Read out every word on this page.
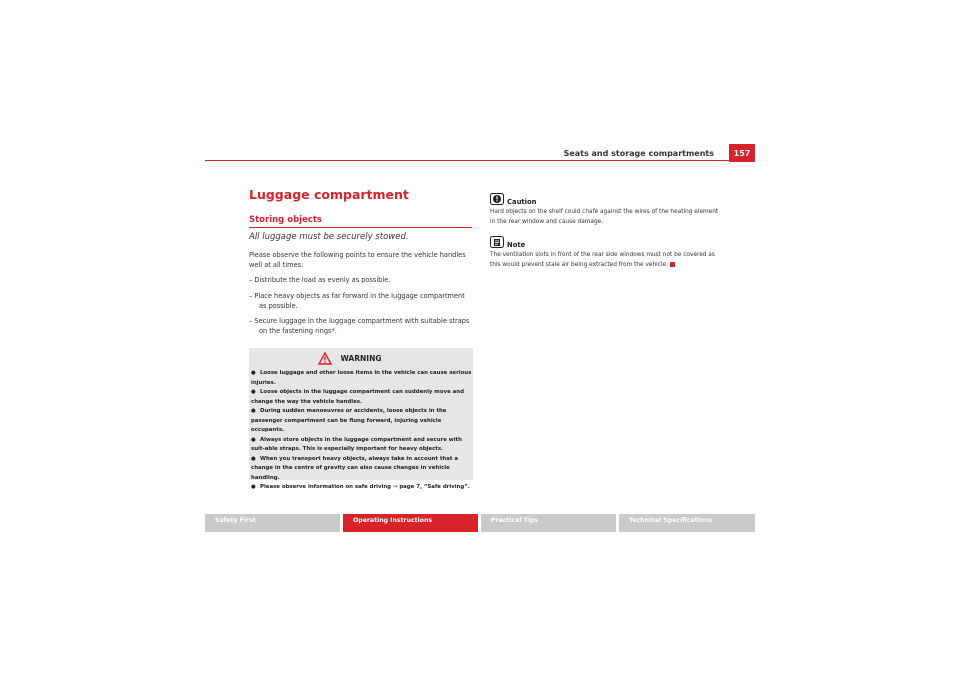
Seats and storage compartments	157
Luggage compartment
Storing objects
All luggage must be securely stowed.
Please observe the following points to ensure the vehicle handles well at all times:
– Distribute the load as evenly as possible.
– Place heavy objects as far forward in the luggage compartment as possible.
– Secure luggage in the luggage compartment with suitable straps on the fastening rings*.
WARNING

● Loose luggage and other loose items in the vehicle can cause serious injuries.

● Loose objects in the luggage compartment can suddenly move and change the way the vehicle handles.

● During sudden manoeuvres or accidents, loose objects in the passenger compartment can be flung forward, injuring vehicle occupants.

● Always store objects in the luggage compartment and secure with suit-able straps. This is especially important for heavy objects.

● When you transport heavy objects, always take in account that a change in the centre of gravity can also cause changes in vehicle handling.

● Please observe information on safe driving ⇒ page 7, “Safe driving”.

Caution
Hard objects on the shelf could chafe against the wires of the heating element in the rear window and cause damage.
Note
The ventilation slots in front of the rear side windows must not be covered as this would prevent stale air being extracted from the vehicle.
Safety First	Operating Instructions	Practical Tips	Technical Specifications
